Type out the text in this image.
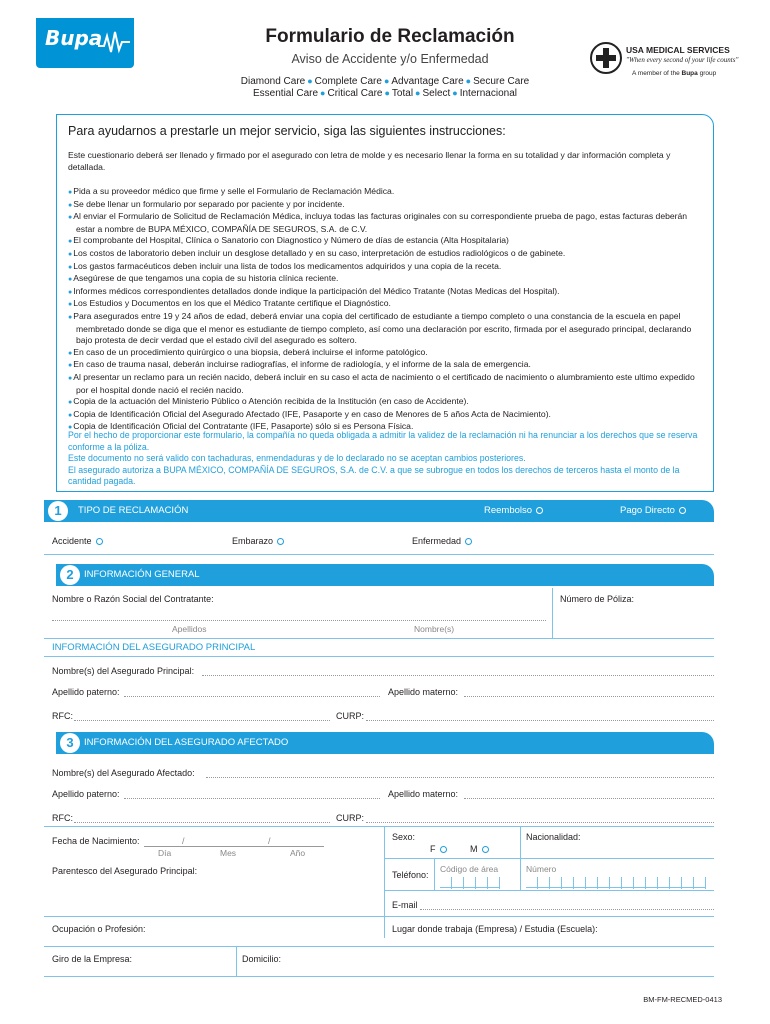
Bupa	Formulario de Reclamación
Aviso de Accidente y/o Enfermedad
Diamond Care ● Complete Care ● Advantage Care ● Secure Care
Essential Care ● Critical Care ● Total ● Select ● Internacional
USA MEDICAL SERVICES
"When every second of your life counts"
A member of the Bupa group
Para ayudarnos a prestarle un mejor servicio, siga las siguientes instrucciones:
Este cuestionario deberá ser llenado y firmado por el asegurado con letra de molde y es necesario llenar la forma en su totalidad y dar información completa y detallada.
● Pida a su proveedor médico que firme y selle el Formulario de Reclamación Médica.
● Se debe llenar un formulario por separado por paciente y por incidente.
● Al enviar el Formulario de Solicitud de Reclamación Médica, incluya todas las facturas originales con su correspondiente prueba de pago, estas facturas deberán estar a nombre de BUPA MÉXICO, COMPAÑÍA DE SEGUROS, S.A. de C.V.
● El comprobante del Hospital, Clínica o Sanatorio con Diagnostico y Número de días de estancia (Alta Hospitalaria)
● Los costos de laboratorio deben incluir un desglose detallado y en su caso, interpretación de estudios radiológicos o de gabinete.
● Los gastos farmacéuticos deben incluir una lista de todos los medicamentos adquiridos y una copia de la receta.
● Asegúrese de que tengamos una copia de su historia clínica reciente.
● Informes médicos correspondientes detallados donde indique la participación del Médico Tratante (Notas Medicas del Hospital).
● Los Estudios y Documentos en los que el Médico Tratante certifique el Diagnóstico.
● Para asegurados entre 19 y 24 años de edad, deberá enviar una copia del certificado de estudiante a tiempo completo o una constancia de la escuela en papel membretado donde se diga que el menor es estudiante de tiempo completo, así como una declaración por escrito, firmada por el asegurado principal, declarando bajo protesta de decir verdad que el estado civil del asegurado es soltero.
● En caso de un procedimiento quirúrgico o una biopsia, deberá incluirse el informe patológico.
● En caso de trauma nasal, deberán incluirse radiografías, el informe de radiología, y el informe de la sala de emergencia.
● Al presentar un reclamo para un recién nacido, deberá incluir en su caso el acta de nacimiento o el certificado de nacimiento o alumbramiento este ultimo expedido por el hospital donde nació el recién nacido.
● Copia de la actuación del Ministerio Público o Atención recibida de la Institución (en caso de Accidente).
● Copia de Identificación Oficial del Asegurado Afectado (IFE, Pasaporte y en caso de Menores de 5 años Acta de Nacimiento).
● Copia de Identificación Oficial del Contratante (IFE, Pasaporte) sólo si es Persona Física.
Por el hecho de proporcionar este formulario, la compañía no queda obligada a admitir la validez de la reclamación ni ha renunciar a los derechos que se reserva conforme a la póliza.
Este documento no será valido con tachaduras, enmendaduras y de lo declarado no se aceptan cambios posteriores.
El asegurado autoriza a BUPA MÉXICO, COMPAÑÍA DE SEGUROS, S.A. de C.V. a que se subrogue en todos los derechos de terceros hasta el monto de la cantidad pagada.
1	TIPO DE RECLAMACIÓN	Reembolso	Pago Directo
Accidente	Embarazo	Enfermedad
2	INFORMACIÓN GENERAL
Nombre o Razón Social del Contratante:	Número de Póliza:
Apellidos	Nombre(s)
INFORMACIÓN DEL ASEGURADO PRINCIPAL
Nombre(s) del Asegurado Principal:
Apellido paterno:	Apellido materno:
RFC:	CURP:
3	INFORMACIÓN DEL ASEGURADO AFECTADO
Nombre(s) del Asegurado Afectado:
Apellido paterno:	Apellido materno:
RFC:	CURP:
Fecha de Nacimiento:	/	/
Día	Mes	Año
Sexo:
F	M
Nacionalidad:
Parentesco del Asegurado Principal:	Teléfono:
Código de área	Número
E-mail
Ocupación o Profesión:	Lugar donde trabaja (Empresa) / Estudia (Escuela):
Giro de la Empresa:	Domicilio:
BM-FM-RECMED-0413
